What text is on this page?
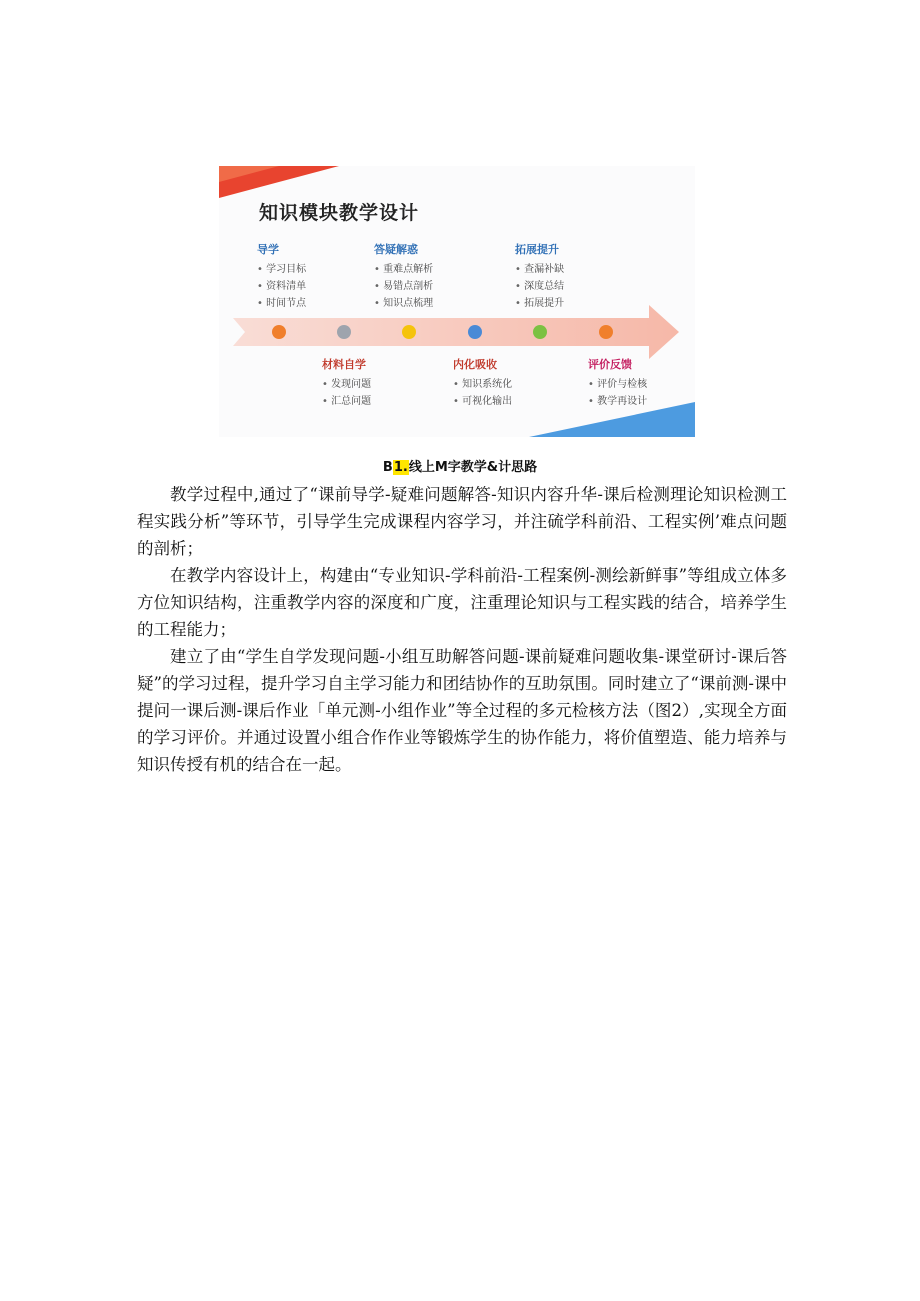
知识模块教学设计
导学
• 学习目标
• 资料清单
• 时间节点
材料自学
• 发现问题
• 汇总问题
答疑解惑
• 重难点解析
• 易错点剖析
• 知识点梳理
内化吸收
• 知识系统化
• 可视化输出
拓展提升
• 查漏补缺
• 深度总结
• 拓展提升
评价反馈
• 评价与检核
• 教学再设计
B1.线上M字教学&计思路

教学过程中,通过了“课前导学-疑难问题解答-知识内容升华-课后检测理论知识检测工程实践分析”等环节，引导学生完成课程内容学习，并注硫学科前沿、工程实例’难点问题的剖析；

在教学内容设计上，构建由“专业知识-学科前沿-工程案例-测绘新鲜事”等组成立体多方位知识结构，注重教学内容的深度和广度，注重理论知识与工程实践的结合，培养学生的工程能力；

建立了由“学生自学发现问题-小组互助解答问题-课前疑难问题收集-课堂研讨-课后答疑”的学习过程，提升学习自主学习能力和团结协作的互助氛围。同时建立了“课前测-课中提问一课后测-课后作业「单元测-小组作业”等全过程的多元检核方法（图2）,实现全方面的学习评价。并通过设置小组合作作业等锻炼学生的协作能力，将价值塑造、能力培养与知识传授有机的结合在一起。
